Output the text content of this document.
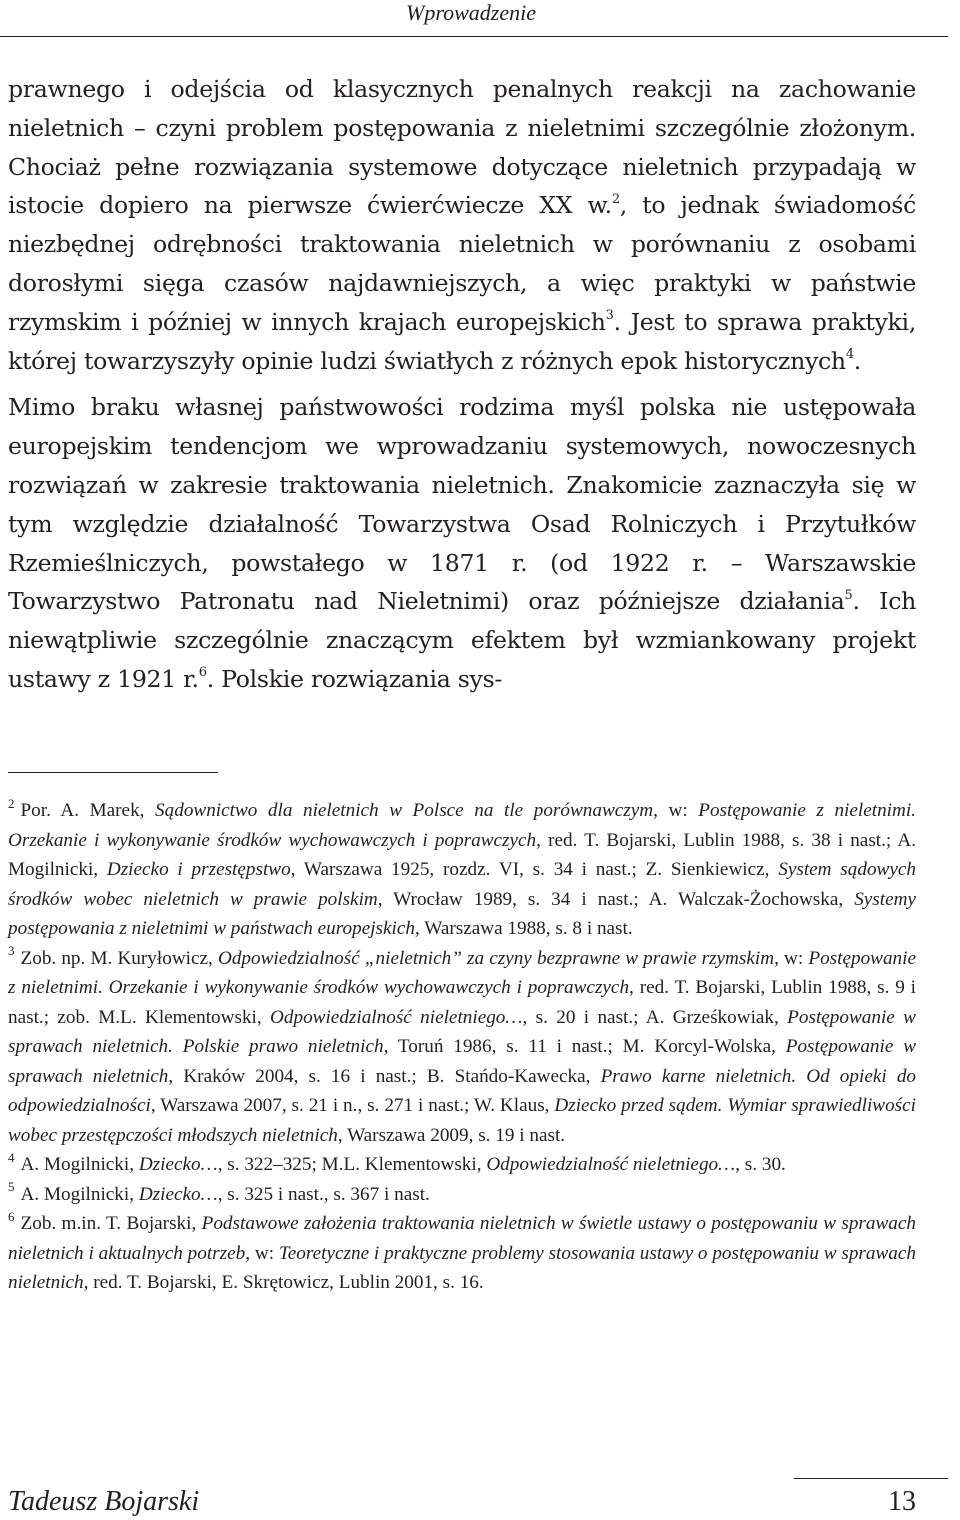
Wprowadzenie

prawnego i odejścia od klasycznych penalnych reakcji na zachowanie nieletnich – czyni problem postępowania z nieletnimi szczególnie złożonym. Chociaż pełne rozwiązania systemowe dotyczące nieletnich przypadają w istocie dopiero na pierwsze ćwierćwiecze XX w.$^2$, to jednak świadomość niezbędnej odrębności traktowania nieletnich w porównaniu z osobami dorosłymi sięga czasów najdawniejszych, a więc praktyki w państwie rzymskim i później w innych krajach europejskich$^3$. Jest to sprawa praktyki, której towarzyszyły opinie ludzi światłych z różnych epok historycznych$^4$.

Mimo braku własnej państwowości rodzima myśl polska nie ustępowała europejskim tendencjom we wprowadzaniu systemowych, nowoczesnych rozwiązań w zakresie traktowania nieletnich. Znakomicie zaznaczyła się w tym względzie działalność Towarzystwa Osad Rolniczych i Przytułków Rzemieślniczych, powstałego w 1871 r. (od 1922 r. – Warszawskie Towarzystwo Patronatu nad Nieletnimi) oraz późniejsze działania$^5$. Ich niewątpliwie szczególnie znaczącym efektem był wzmiankowany projekt ustawy z 1921 r.$^6$. Polskie rozwiązania sys-

$^2$ Por. A. Marek, Sądownictwo dla nieletnich w Polsce na tle porównawczym, w: Postępowanie z nieletnimi. Orzekanie i wykonywanie środków wychowawczych i poprawczych, red. T. Bojarski, Lublin 1988, s. 38 i nast.; A. Mogilnicki, Dziecko i przestępstwo, Warszawa 1925, rozdz. VI, s. 34 i nast.; Z. Sienkiewicz, System sądowych środków wobec nieletnich w prawie polskim, Wrocław 1989, s. 34 i nast.; A. Walczak-Żochowska, Systemy postępowania z nieletnimi w państwach europejskich, Warszawa 1988, s. 8 i nast.

$^3$ Zob. np. M. Kuryłowicz, Odpowiedzialność „nieletnich” za czyny bezprawne w prawie rzymskim, w: Postępowanie z nieletnimi. Orzekanie i wykonywanie środków wychowawczych i poprawczych, red. T. Bojarski, Lublin 1988, s. 9 i nast.; zob. M.L. Klementowski, Odpowiedzialność nieletniego…, s. 20 i nast.; A. Grześkowiak, Postępowanie w sprawach nieletnich. Polskie prawo nieletnich, Toruń 1986, s. 11 i nast.; M. Korcyl-Wolska, Postępowanie w sprawach nieletnich, Kraków 2004, s. 16 i nast.; B. Stańdo-Kawecka, Prawo karne nieletnich. Od opieki do odpowiedzialności, Warszawa 2007, s. 21 i n., s. 271 i nast.; W. Klaus, Dziecko przed sądem. Wymiar sprawiedliwości wobec przestępczości młodszych nieletnich, Warszawa 2009, s. 19 i nast.

$^4$ A. Mogilnicki, Dziecko…, s. 322–325; M.L. Klementowski, Odpowiedzialność nieletniego…, s. 30.

$^5$ A. Mogilnicki, Dziecko…, s. 325 i nast., s. 367 i nast.

$^6$ Zob. m.in. T. Bojarski, Podstawowe założenia traktowania nieletnich w świetle ustawy o postępowaniu w sprawach nieletnich i aktualnych potrzeb, w: Teoretyczne i praktyczne problemy stosowania ustawy o postępowaniu w sprawach nieletnich, red. T. Bojarski, E. Skrętowicz, Lublin 2001, s. 16.

Tadeusz Bojarski	13
